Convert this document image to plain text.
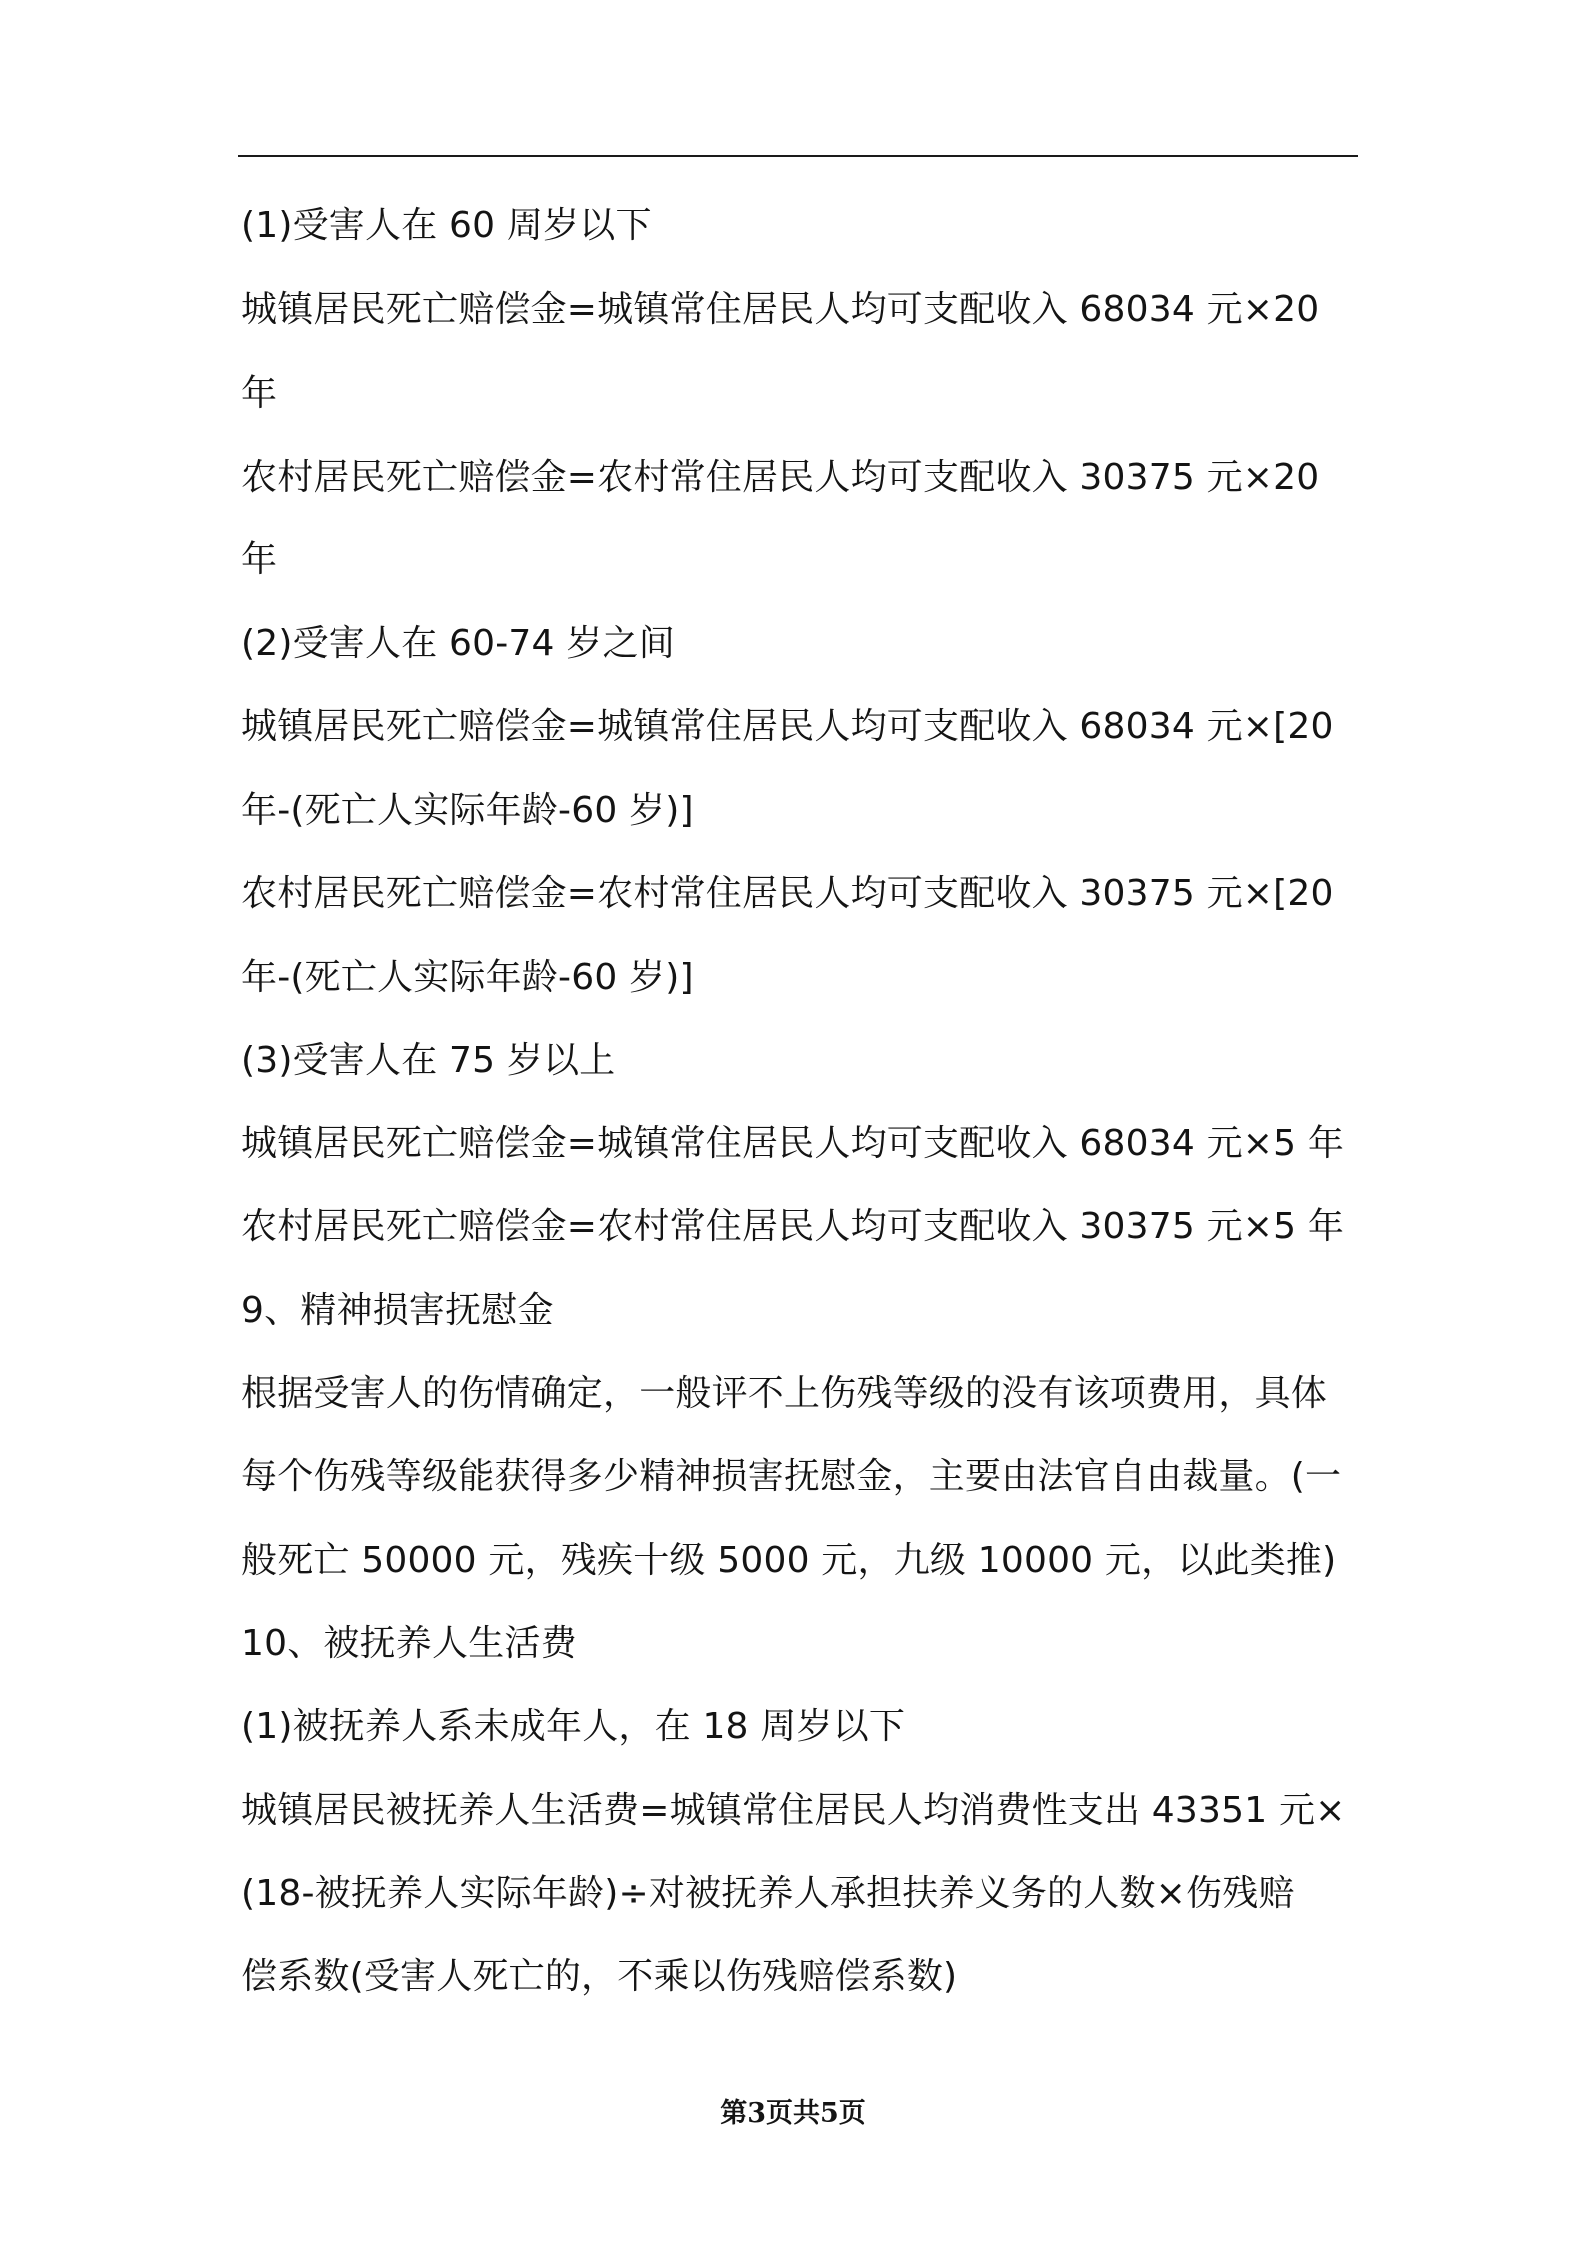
(1)受害人在 60 周岁以下
城镇居民死亡赔偿金=城镇常住居民人均可支配收入 68034 元×20
年
农村居民死亡赔偿金=农村常住居民人均可支配收入 30375 元×20
年
(2)受害人在 60-74 岁之间
城镇居民死亡赔偿金=城镇常住居民人均可支配收入 68034 元×[20
年-(死亡人实际年龄-60 岁)]
农村居民死亡赔偿金=农村常住居民人均可支配收入 30375 元×[20
年-(死亡人实际年龄-60 岁)]
(3)受害人在 75 岁以上
城镇居民死亡赔偿金=城镇常住居民人均可支配收入 68034 元×5 年
农村居民死亡赔偿金=农村常住居民人均可支配收入 30375 元×5 年
9、精神损害抚慰金
根据受害人的伤情确定，一般评不上伤残等级的没有该项费用，具体
每个伤残等级能获得多少精神损害抚慰金，主要由法官自由裁量。(一
般死亡 50000 元，残疾十级 5000 元，九级 10000 元，以此类推)
10、被抚养人生活费
(1)被抚养人系未成年人，在 18 周岁以下
城镇居民被抚养人生活费=城镇常住居民人均消费性支出 43351 元×
(18-被抚养人实际年龄)÷对被抚养人承担扶养义务的人数×伤残赔
偿系数(受害人死亡的，不乘以伤残赔偿系数)
第3页共5页
